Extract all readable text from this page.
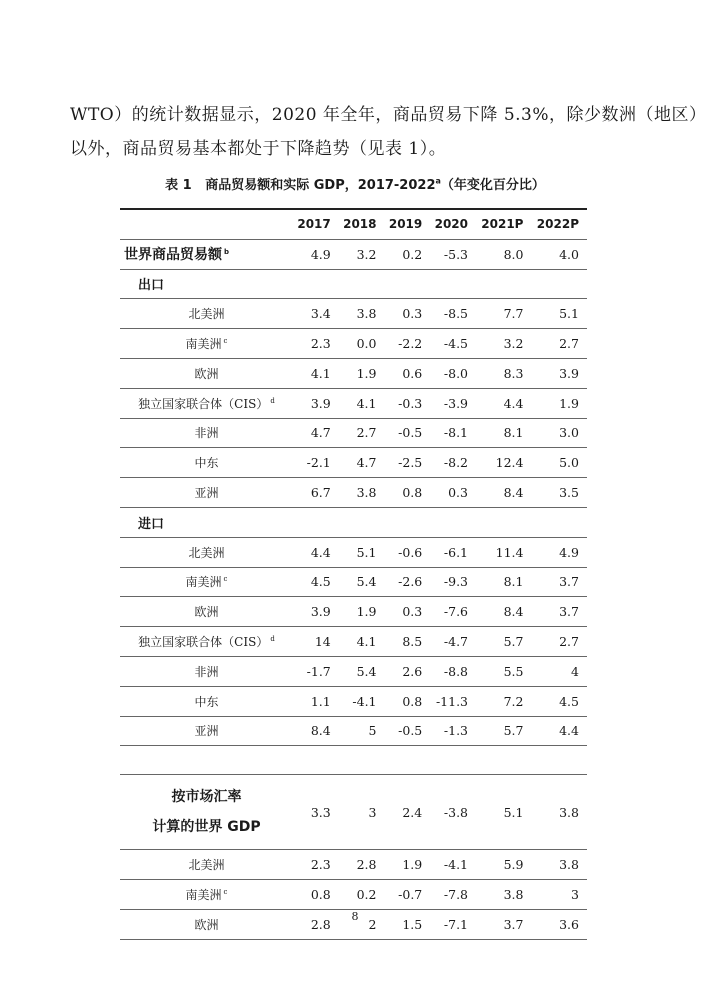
WTO）的统计数据显示，2020 年全年，商品贸易下降 5.3%，除少数洲（地区）

以外，商品贸易基本都处于下降趋势（见表 1）。

表 1 商品贸易额和实际 GDP，2017-2022$^a$（年变化百分比）
	2017	2018	2019	2020	2021P	2022P
世界商品贸易额 $^b$	4.9	3.2	0.2	-5.3	8.0	4.0
出口						
北美洲	3.4	3.8	0.3	-8.5	7.7	5.1
南美洲 $^c$	2.3	0.0	-2.2	-4.5	3.2	2.7
欧洲	4.1	1.9	0.6	-8.0	8.3	3.9
独立国家联合体（CIS） $^d$	3.9	4.1	-0.3	-3.9	4.4	1.9
非洲	4.7	2.7	-0.5	-8.1	8.1	3.0
中东	-2.1	4.7	-2.5	-8.2	12.4	5.0
亚洲	6.7	3.8	0.8	0.3	8.4	3.5
进口						
北美洲	4.4	5.1	-0.6	-6.1	11.4	4.9
南美洲 $^c$	4.5	5.4	-2.6	-9.3	8.1	3.7
欧洲	3.9	1.9	0.3	-7.6	8.4	3.7
独立国家联合体（CIS） $^d$	14	4.1	8.5	-4.7	5.7	2.7
非洲	-1.7	5.4	2.6	-8.8	5.5	4
中东	1.1	-4.1	0.8	-11.3	7.2	4.5
亚洲	8.4	5	-0.5	-1.3	5.7	4.4

按市场汇率
计算的世界 GDP	3.3	3	2.4	-3.8	5.1	3.8
北美洲	2.3	2.8	1.9	-4.1	5.9	3.8
南美洲 $^c$	0.8	0.2	-0.7	-7.8	3.8	3
欧洲	2.8	2	1.5	-7.1	3.7	3.6
8
